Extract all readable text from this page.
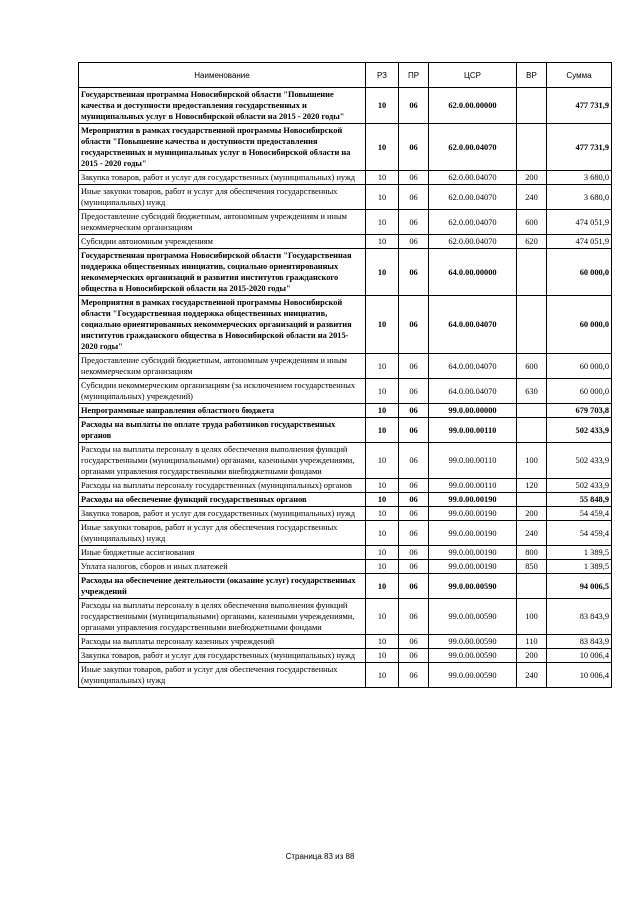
Наименование	РЗ	ПР	ЦСР	ВР	Сумма
Государственная программа Новосибирской области "Повышение качества и доступности предоставления государственных и муниципальных услуг в Новосибирской области на 2015 - 2020 годы"	10	06	62.0.00.00000		477 731,9
Мероприятия в рамках государственной программы Новосибирской области "Повышение качества и доступности предоставления государственных и муниципальных услуг в Новосибирской области на 2015 - 2020 годы"	10	06	62.0.00.04070		477 731,9
Закупка товаров, работ и услуг для государственных (муниципальных) нужд	10	06	62.0.00.04070	200	3 680,0
Иные закупки товаров, работ и услуг для обеспечения государственных (муниципальных) нужд	10	06	62.0.00.04070	240	3 680,0
Предоставление субсидий бюджетным, автономным учреждениям и иным некоммерческим организациям	10	06	62.0.00.04070	600	474 051,9
Субсидии автономным учреждениям	10	06	62.0.00.04070	620	474 051,9
Государственная программа Новосибирской области "Государственная поддержка общественных инициатив, социально ориентированных некоммерческих организаций и развития институтов гражданского общества в Новосибирской области на 2015-2020 годы"	10	06	64.0.00.00000		60 000,0
Мероприятия в рамках государственной программы Новосибирской области "Государственная поддержка общественных инициатив, социально ориентированных некоммерческих организаций и развития институтов гражданского общества в Новосибирской области на 2015-2020 годы"	10	06	64.0.00.04070		60 000,0
Предоставление субсидий бюджетным, автономным учреждениям и иным некоммерческим организациям	10	06	64.0.00.04070	600	60 000,0
Субсидии некоммерческим организациям (за исключением государственных (муниципальных) учреждений)	10	06	64.0.00.04070	630	60 000,0
Непрограммные направления областного бюджета	10	06	99.0.00.00000		679 703,8
Расходы на выплаты по оплате труда работников государственных органов	10	06	99.0.00.00110		502 433,9
Расходы на выплаты персоналу в целях обеспечения выполнения функций государственными (муниципальными) органами, казенными учреждениями, органами управления государственными внебюджетными фондами	10	06	99.0.00.00110	100	502 433,9
Расходы на выплаты персоналу государственных (муниципальных) органов	10	06	99.0.00.00110	120	502 433,9
Расходы на обеспечение функций государственных органов	10	06	99.0.00.00190		55 848,9
Закупка товаров, работ и услуг для государственных (муниципальных) нужд	10	06	99.0.00.00190	200	54 459,4
Иные закупки товаров, работ и услуг для обеспечения государственных (муниципальных) нужд	10	06	99.0.00.00190	240	54 459,4
Иные бюджетные ассигнования	10	06	99.0.00.00190	800	1 389,5
Уплата налогов, сборов и иных платежей	10	06	99.0.00.00190	850	1 389,5
Расходы на обеспечение деятельности (оказание услуг) государственных учреждений	10	06	99.0.00.00590		94 006,5
Расходы на выплаты персоналу в целях обеспечения выполнения функций государственными (муниципальными) органами, казенными учреждениями, органами управления государственными внебюджетными фондами	10	06	99.0.00.00590	100	83 843,9
Расходы на выплаты персоналу казенных учреждений	10	06	99.0.00.00590	110	83 843,9
Закупка товаров, работ и услуг для государственных (муниципальных) нужд	10	06	99.0.00.00590	200	10 006,4
Иные закупки товаров, работ и услуг для обеспечения государственных (муниципальных) нужд	10	06	99.0.00.00590	240	10 006,4
Страница 83 из 88
